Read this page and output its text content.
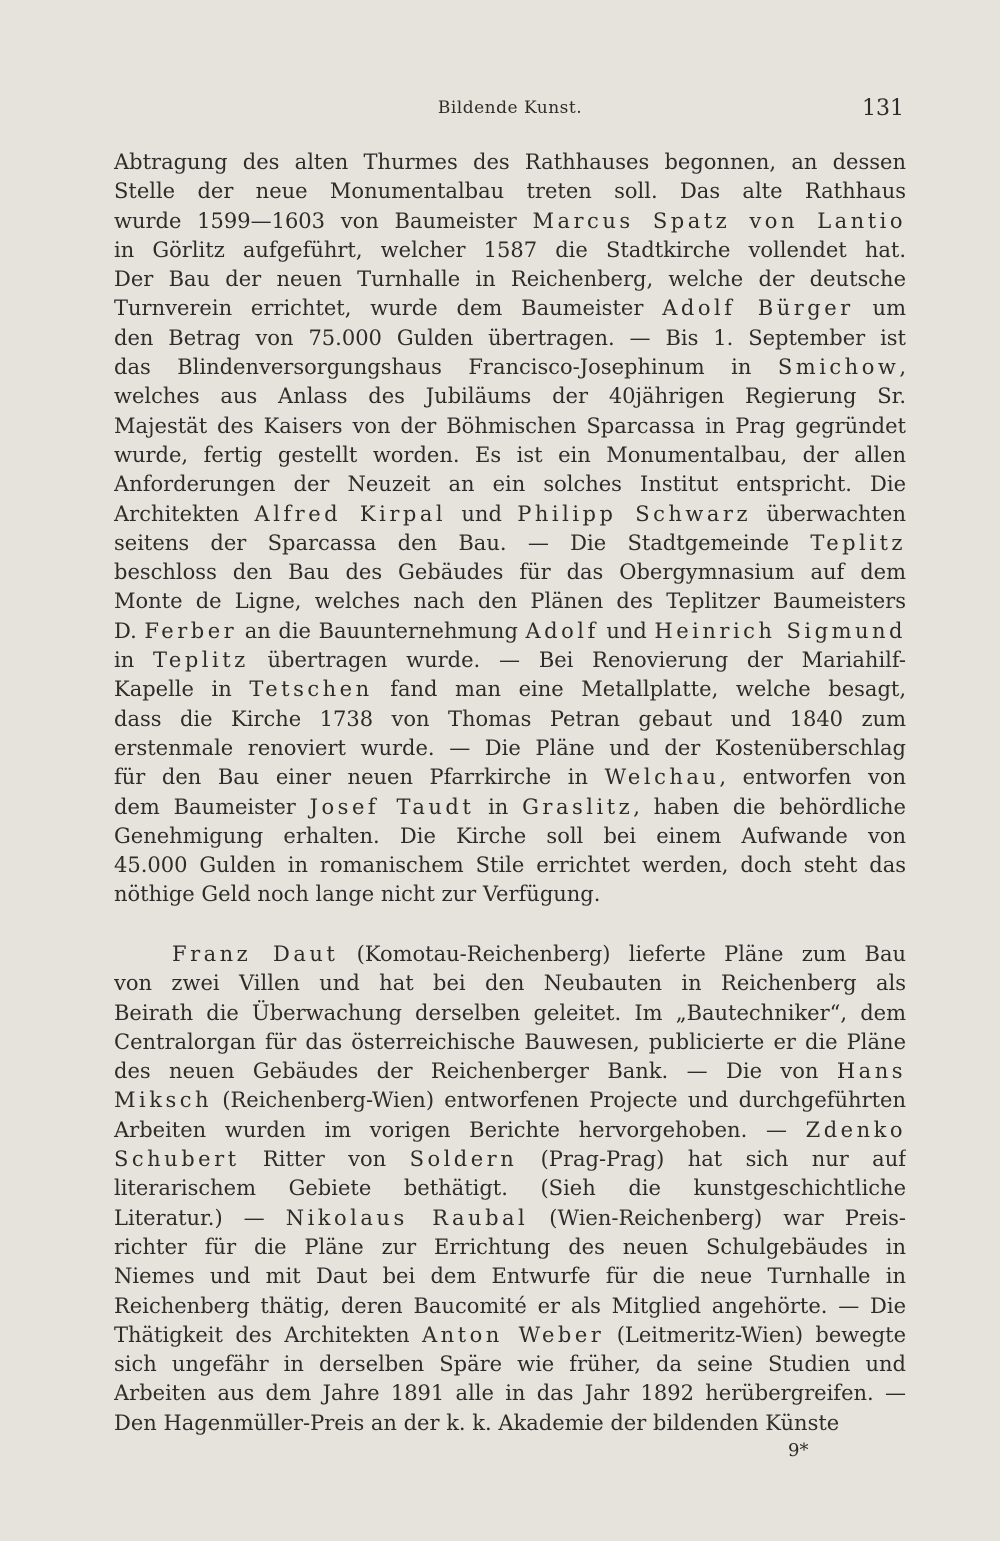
Bildende Kunst.	131
Abtragung des alten Thurmes des Rathhauses begonnen, an dessen
Stelle der neue Monumentalbau treten soll. Das alte Rathhaus
wurde 1599—1603 von Baumeister Marcus Spatz von Lantio
in Görlitz aufgeführt, welcher 1587 die Stadtkirche vollendet hat.
Der Bau der neuen Turnhalle in Reichenberg, welche der deutsche
Turnverein errichtet, wurde dem Baumeister Adolf Bürger um
den Betrag von 75.000 Gulden übertragen. — Bis 1. September ist
das Blindenversorgungshaus Francisco-Josephinum in Smichow,
welches aus Anlass des Jubiläums der 40jährigen Regierung Sr.
Majestät des Kaisers von der Böhmischen Sparcassa in Prag gegründet
wurde, fertig gestellt worden. Es ist ein Monumentalbau, der allen
Anforderungen der Neuzeit an ein solches Institut entspricht. Die
Architekten Alfred Kirpal und Philipp Schwarz überwachten
seitens der Sparcassa den Bau. — Die Stadtgemeinde Teplitz
beschloss den Bau des Gebäudes für das Obergymnasium auf dem
Monte de Ligne, welches nach den Plänen des Teplitzer Baumeisters
D. Ferber an die Bauunternehmung Adolf und Heinrich Sigmund
in Teplitz übertragen wurde. — Bei Renovierung der Mariahilf-
Kapelle in Tetschen fand man eine Metallplatte, welche besagt,
dass die Kirche 1738 von Thomas Petran gebaut und 1840 zum
erstenmale renoviert wurde. — Die Pläne und der Kostenüberschlag
für den Bau einer neuen Pfarrkirche in Welchau, entworfen von
dem Baumeister Josef Taudt in Graslitz, haben die behördliche
Genehmigung erhalten. Die Kirche soll bei einem Aufwande von
45.000 Gulden in romanischem Stile errichtet werden, doch steht das
nöthige Geld noch lange nicht zur Verfügung.
Franz Daut (Komotau-Reichenberg) lieferte Pläne zum Bau
von zwei Villen und hat bei den Neubauten in Reichenberg als
Beirath die Überwachung derselben geleitet. Im „Bautechniker“, dem
Centralorgan für das österreichische Bauwesen, publicierte er die Pläne
des neuen Gebäudes der Reichenberger Bank. — Die von Hans
Miksch (Reichenberg-Wien) entworfenen Projecte und durchgeführten
Arbeiten wurden im vorigen Berichte hervorgehoben. — Zdenko
Schubert Ritter von Soldern (Prag-Prag) hat sich nur auf
literarischem Gebiete bethätigt. (Sieh die kunstgeschichtliche
Literatur.) — Nikolaus Raubal (Wien-Reichenberg) war Preis-
richter für die Pläne zur Errichtung des neuen Schulgebäudes in
Niemes und mit Daut bei dem Entwurfe für die neue Turnhalle in
Reichenberg thätig, deren Baucomité er als Mitglied angehörte. — Die
Thätigkeit des Architekten Anton Weber (Leitmeritz-Wien) bewegte
sich ungefähr in derselben Späre wie früher, da seine Studien und
Arbeiten aus dem Jahre 1891 alle in das Jahr 1892 herübergreifen. —
Den Hagenmüller-Preis an der k. k. Akademie der bildenden Künste
9*
